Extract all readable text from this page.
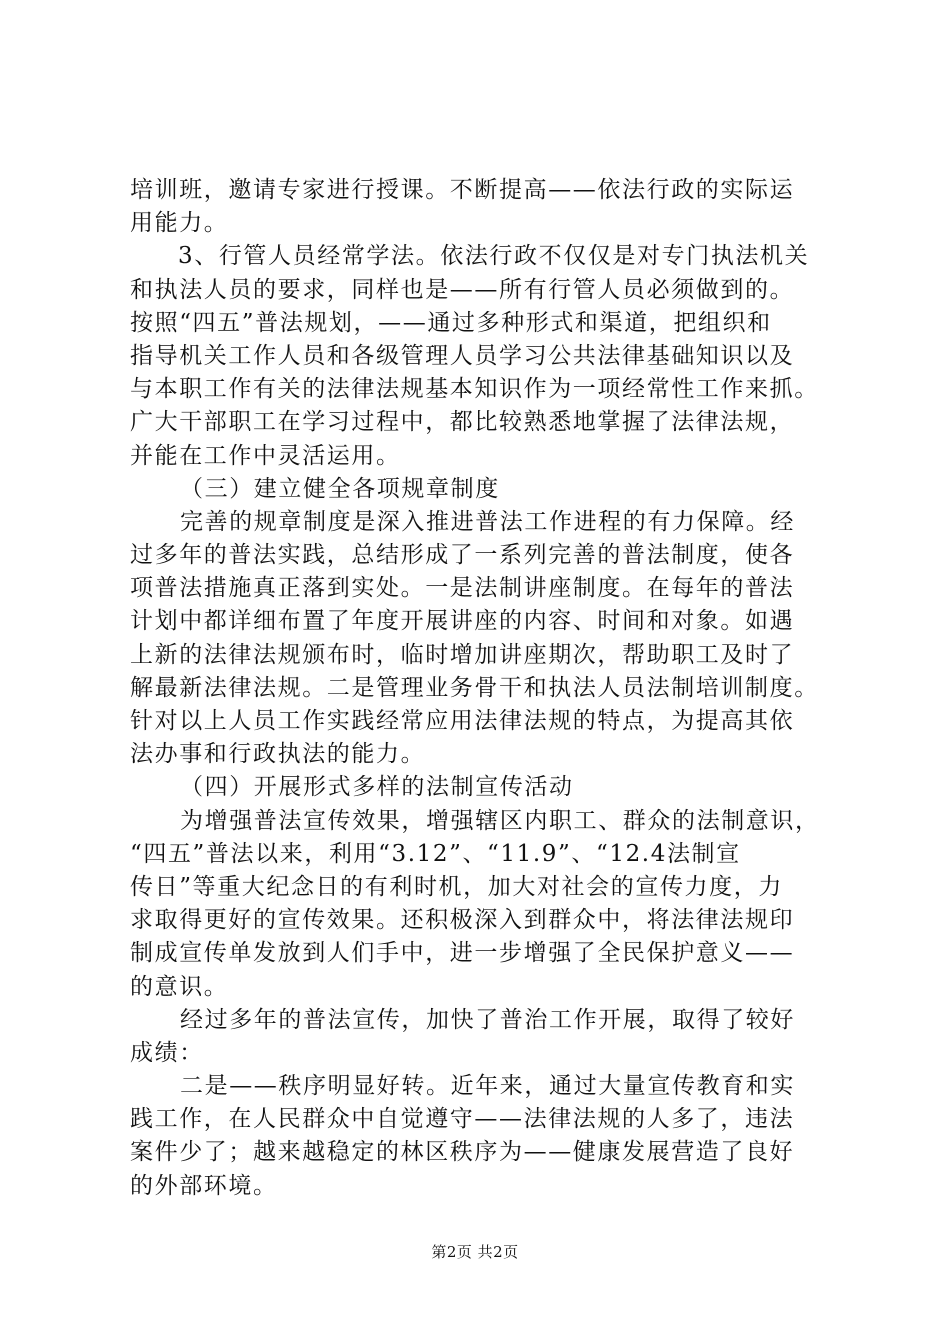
培训班，邀请专家进行授课。不断提高——依法行政的实际运
用能力。
3、行管人员经常学法。依法行政不仅仅是对专门执法机关
和执法人员的要求，同样也是——所有行管人员必须做到的。
按照“四五”普法规划，——通过多种形式和渠道，把组织和
指导机关工作人员和各级管理人员学习公共法律基础知识以及
与本职工作有关的法律法规基本知识作为一项经常性工作来抓。
广大干部职工在学习过程中，都比较熟悉地掌握了法律法规，
并能在工作中灵活运用。
（三）建立健全各项规章制度
完善的规章制度是深入推进普法工作进程的有力保障。经
过多年的普法实践，总结形成了一系列完善的普法制度，使各
项普法措施真正落到实处。一是法制讲座制度。在每年的普法
计划中都详细布置了年度开展讲座的内容、时间和对象。如遇
上新的法律法规颁布时，临时增加讲座期次，帮助职工及时了
解最新法律法规。二是管理业务骨干和执法人员法制培训制度。
针对以上人员工作实践经常应用法律法规的特点，为提高其依
法办事和行政执法的能力。
（四）开展形式多样的法制宣传活动
为增强普法宣传效果，增强辖区内职工、群众的法制意识，
“四五”普法以来，利用“3.12”、“11.9”、“12.4法制宣
传日”等重大纪念日的有利时机，加大对社会的宣传力度，力
求取得更好的宣传效果。还积极深入到群众中，将法律法规印
制成宣传单发放到人们手中，进一步增强了全民保护意义——
的意识。
经过多年的普法宣传，加快了普治工作开展，取得了较好
成绩：
二是——秩序明显好转。近年来，通过大量宣传教育和实
践工作，在人民群众中自觉遵守——法律法规的人多了，违法
案件少了；越来越稳定的林区秩序为——健康发展营造了良好
的外部环境。
第2页 共2页
